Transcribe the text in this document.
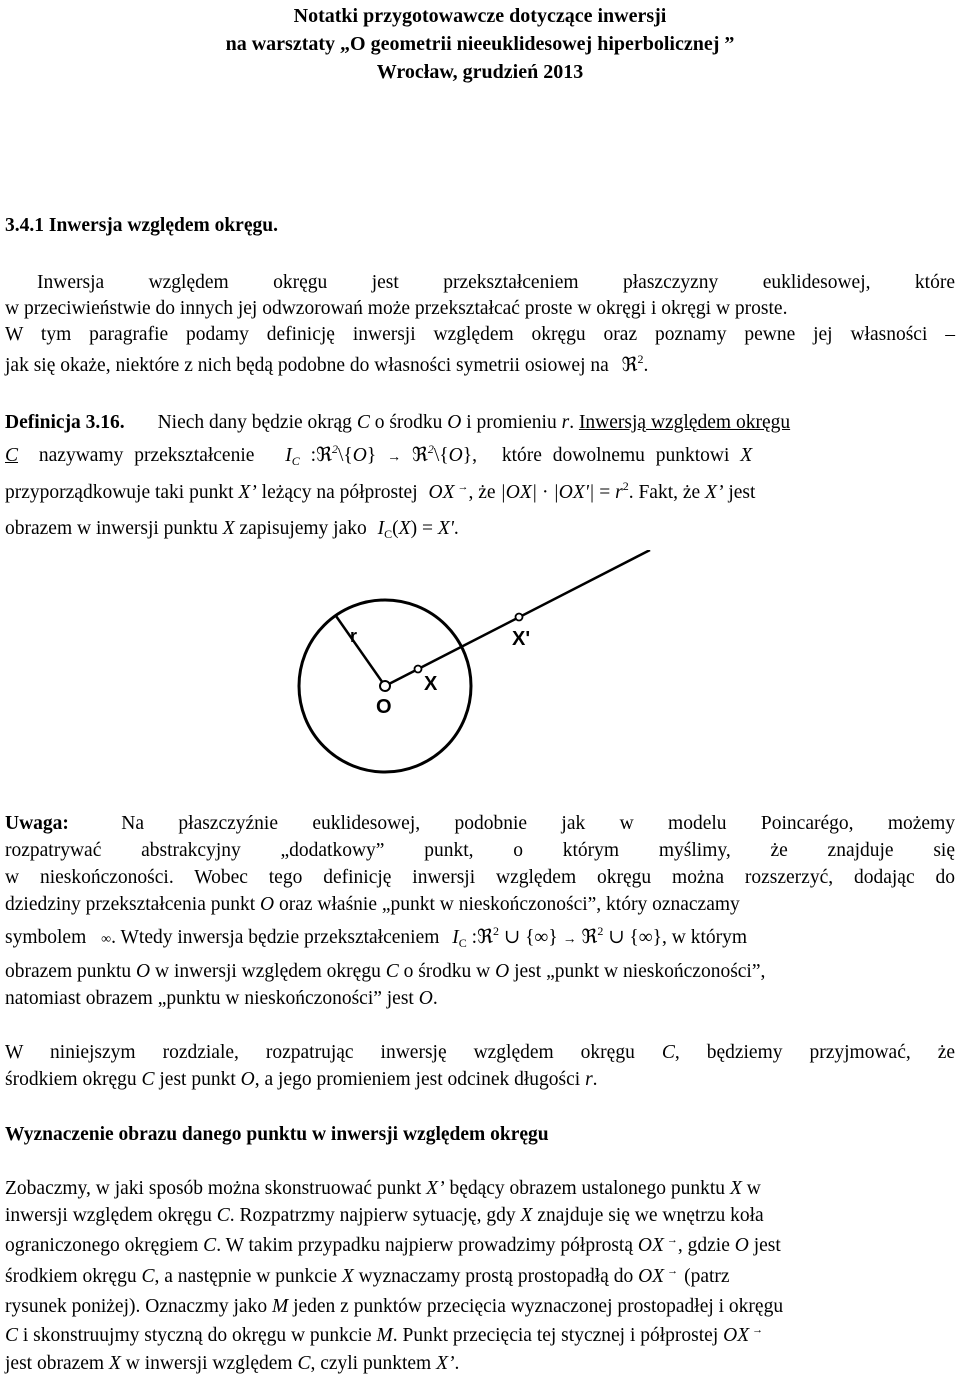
Notatki przygotowawcze dotyczące inwersji
na warsztaty „O geometrii nieeuklidesowej hiperbolicznej ”
Wrocław, grudzień 2013
3.4.1 Inwersja względem okręgu.
Inwersja względem okręgu jest przekształceniem płaszczyzny euklidesowej, które
w przeciwieństwie do innych jej odwzorowań może przekształcać proste w okręgi i okręgi w proste.
W tym paragrafie podamy definicję inwersji względem okręgu oraz poznamy pewne jej własności –
jak się okaże, niektóre z nich będą podobne do własności symetrii osiowej na ℜ$^2$.
Definicja 3.16. Niech dany będzie okrąg C o środku O i promieniu r. Inwersją względem okręgu
C nazywamy przekształcenie $I_C$ :ℜ$^2$\{O} → ℜ$^2$\{O}, które dowolnemu punktowi X
przyporządkowuje taki punkt X’ leżący na półprostej OX → , że $|OX| \cdot |OX'| = r^2$. Fakt, że X’ jest
obrazem w inwersji punktu X zapisujemy jako $I_C(X) = X'$.
r	X'
X
O
Uwaga:	Na płaszczyźnie euklidesowej, podobnie jak w modelu Poincarégo, możemy
rozpatrywać abstrakcyjny „dodatkowy” punkt, o którym myślimy, że znajduje się
w nieskończoności. Wobec tego definicję inwersji względem okręgu można rozszerzyć, dodając do
dziedziny przekształcenia punkt O oraz właśnie „punkt w nieskończoności”, który oznaczamy
symbolem ∞. Wtedy inwersja będzie przekształceniem $I_C$ :ℜ$^2$ ∪ {∞} → ℜ$^2$ ∪ {∞}, w którym
obrazem punktu O w inwersji względem okręgu C o środku w O jest „punkt w nieskończoności”,
natomiast obrazem „punktu w nieskończoności” jest O.
W niniejszym rozdziale, rozpatrując inwersję względem okręgu C, będziemy przyjmować, że
środkiem okręgu C jest punkt O, a jego promieniem jest odcinek długości r.
Wyznaczenie obrazu danego punktu w inwersji względem okręgu
Zobaczmy, w jaki sposób można skonstruować punkt X’ będący obrazem ustalonego punktu X w
inwersji względem okręgu C. Rozpatrzmy najpierw sytuację, gdy X znajduje się we wnętrzu koła
ograniczonego okręgiem C. W takim przypadku najpierw prowadzimy półprostą OX → , gdzie O jest
środkiem okręgu C, a następnie w punkcie X wyznaczamy prostą prostopadłą do OX → (patrz
rysunek poniżej). Oznaczmy jako M jeden z punktów przecięcia wyznaczonej prostopadłej i okręgu
C i skonstruujmy styczną do okręgu w punkcie M. Punkt przecięcia tej stycznej i półprostej OX →
jest obrazem X w inwersji względem C, czyli punktem X’.
